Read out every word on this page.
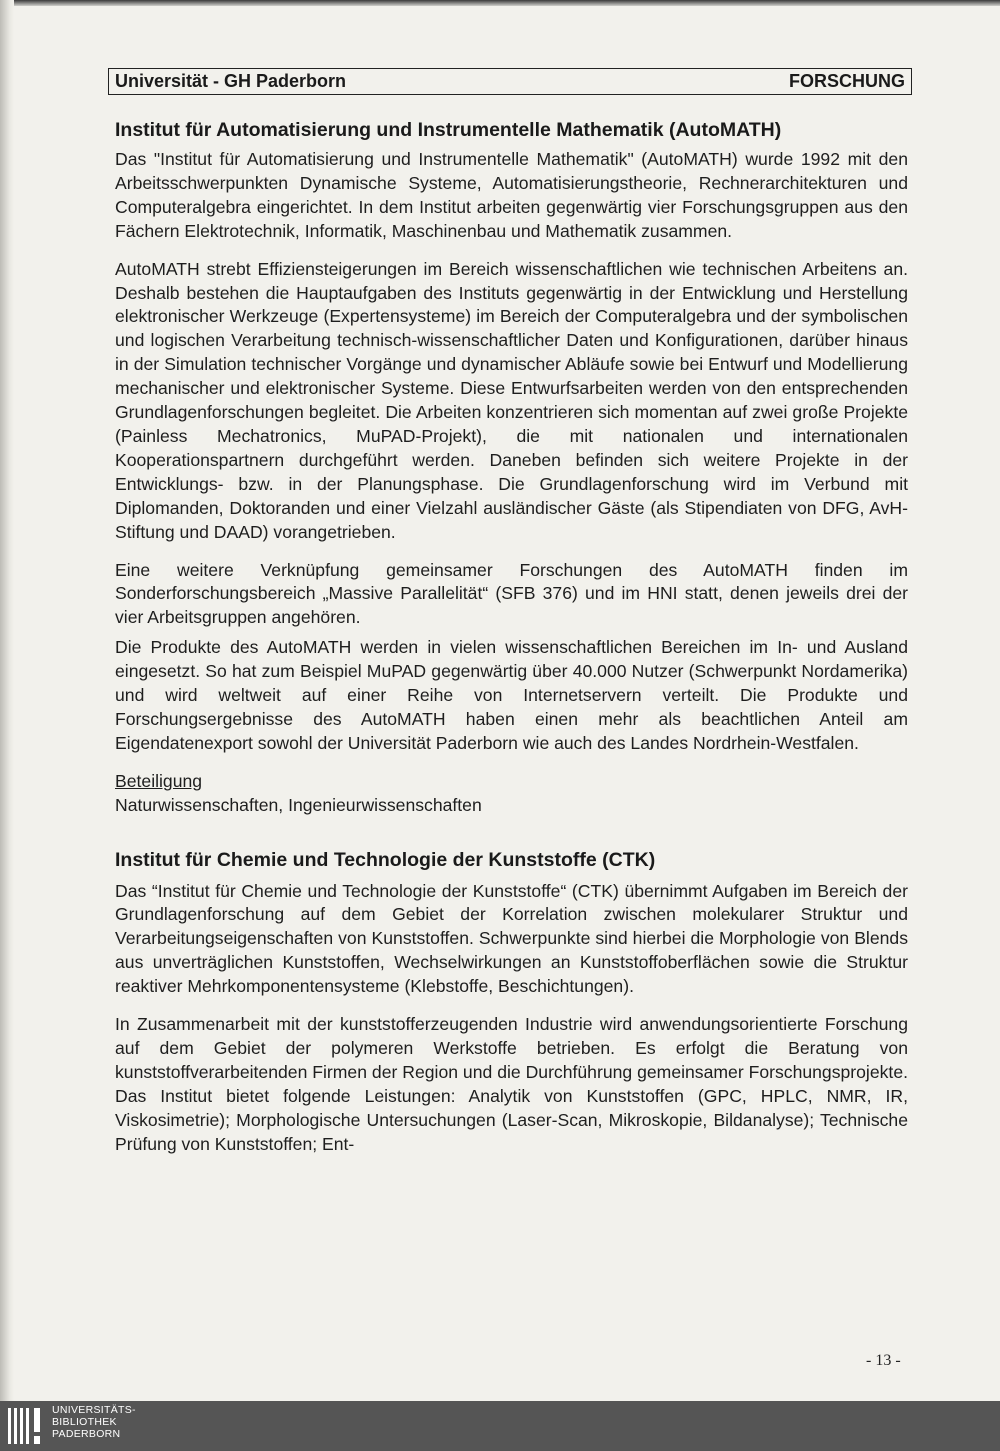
Universität - GH Paderborn	FORSCHUNG
Institut für Automatisierung und Instrumentelle Mathematik (AutoMATH)

Das "Institut für Automatisierung und Instrumentelle Mathematik" (AutoMATH) wurde 1992 mit den Arbeitsschwerpunkten Dynamische Systeme, Automatisierungstheorie, Rechnerarchitekturen und Computeralgebra eingerichtet. In dem Institut arbeiten gegenwärtig vier Forschungsgruppen aus den Fächern Elektrotechnik, Informatik, Maschinenbau und Mathematik zusammen.

AutoMATH strebt Effiziensteigerungen im Bereich wissenschaftlichen wie technischen Arbeitens an. Deshalb bestehen die Hauptaufgaben des Instituts gegenwärtig in der Entwicklung und Herstellung elektronischer Werkzeuge (Expertensysteme) im Bereich der Computeralgebra und der symbolischen und logischen Verarbeitung technisch-wissenschaftlicher Daten und Konfigurationen, darüber hinaus in der Simulation technischer Vorgänge und dynamischer Abläufe sowie bei Entwurf und Modellierung mechanischer und elektronischer Systeme. Diese Entwurfsarbeiten werden von den entsprechenden Grundlagenforschungen begleitet. Die Arbeiten konzentrieren sich momentan auf zwei große Projekte (Painless Mechatronics, MuPAD-Projekt), die mit nationalen und internationalen Kooperationspartnern durchgeführt werden. Daneben befinden sich weitere Projekte in der Entwicklungs- bzw. in der Planungsphase. Die Grundlagenforschung wird im Verbund mit Diplomanden, Doktoranden und einer Vielzahl ausländischer Gäste (als Stipendiaten von DFG, AvH-Stiftung und DAAD) vorangetrieben.

Eine weitere Verknüpfung gemeinsamer Forschungen des AutoMATH finden im Sonderforschungsbereich „Massive Parallelität“ (SFB 376) und im HNI statt, denen jeweils drei der vier Arbeitsgruppen angehören.

Die Produkte des AutoMATH werden in vielen wissenschaftlichen Bereichen im In- und Ausland eingesetzt. So hat zum Beispiel MuPAD gegenwärtig über 40.000 Nutzer (Schwerpunkt Nordamerika) und wird weltweit auf einer Reihe von Internetservern verteilt. Die Produkte und Forschungsergebnisse des AutoMATH haben einen mehr als beachtlichen Anteil am Eigendatenexport sowohl der Universität Paderborn wie auch des Landes Nordrhein-Westfalen.

Beteiligung
Naturwissenschaften, Ingenieurwissenschaften
Institut für Chemie und Technologie der Kunststoffe (CTK)

Das “Institut für Chemie und Technologie der Kunststoffe“ (CTK) übernimmt Aufgaben im Bereich der Grundlagenforschung auf dem Gebiet der Korrelation zwischen molekularer Struktur und Verarbeitungseigenschaften von Kunststoffen. Schwerpunkte sind hierbei die Morphologie von Blends aus unverträglichen Kunststoffen, Wechselwirkungen an Kunststoffoberflächen sowie die Struktur reaktiver Mehrkomponentensysteme (Klebstoffe, Beschichtungen).

In Zusammenarbeit mit der kunststofferzeugenden Industrie wird anwendungsorientierte Forschung auf dem Gebiet der polymeren Werkstoffe betrieben. Es erfolgt die Beratung von kunststoffverarbeitenden Firmen der Region und die Durchführung gemeinsamer Forschungsprojekte. Das Institut bietet folgende Leistungen: Analytik von Kunststoffen (GPC, HPLC, NMR, IR, Viskosimetrie); Morphologische Untersuchungen (Laser-Scan, Mikroskopie, Bildanalyse); Technische Prüfung von Kunststoffen; Ent-

- 13 -
UNIVERSITÄTS-
BIBLIOTHEK
PADERBORN
